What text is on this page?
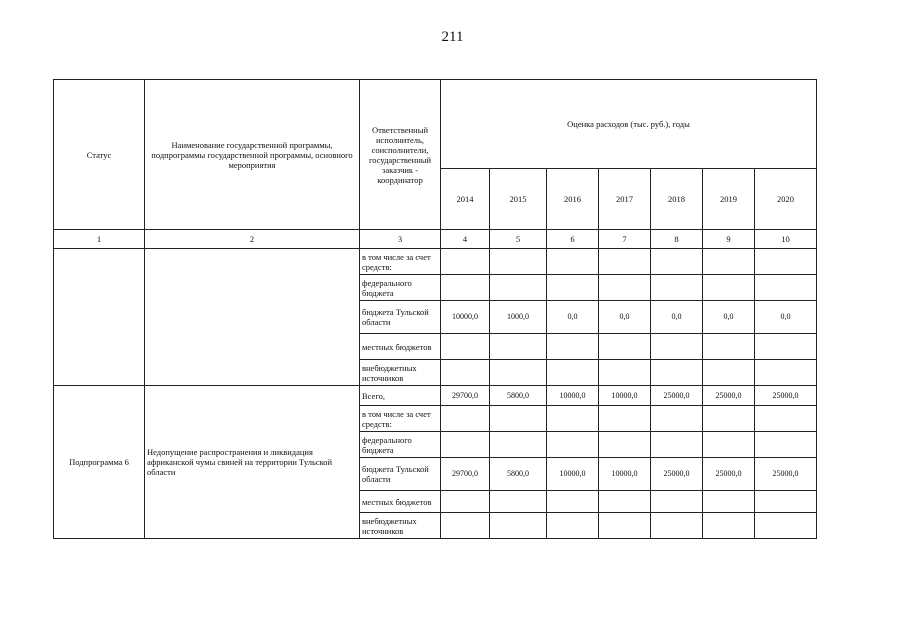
211
Статус	Наименование государственной программы, подпрограммы государственной программы, основного мероприятия	Ответственный исполнитель, соисполнители, государственный заказчик - координатор	Оценка расходов (тыс. руб.), годы						
			2014	2015	2016	2017	2018	2019	2020
1	2	3	4	5	6	7	8	9	10
		в том числе за счет средств:							
		федерального бюджета							
		бюджета Тульской области	10000,0	1000,0	0,0	0,0	0,0	0,0	0,0
		местных бюджетов							
		внебюджетных источников							
Подпрограмма 6	Недопущение распространения и ликвидация африканской чумы свиней на территории Тульской области	Всего,	29700,0	5800,0	10000,0	10000,0	25000,0	25000,0	25000,0
		в том числе за счет средств:							
		федерального бюджета							
		бюджета Тульской области	29700,0	5800,0	10000,0	10000,0	25000,0	25000,0	25000,0
		местных бюджетов							
		внебюджетных источников							
